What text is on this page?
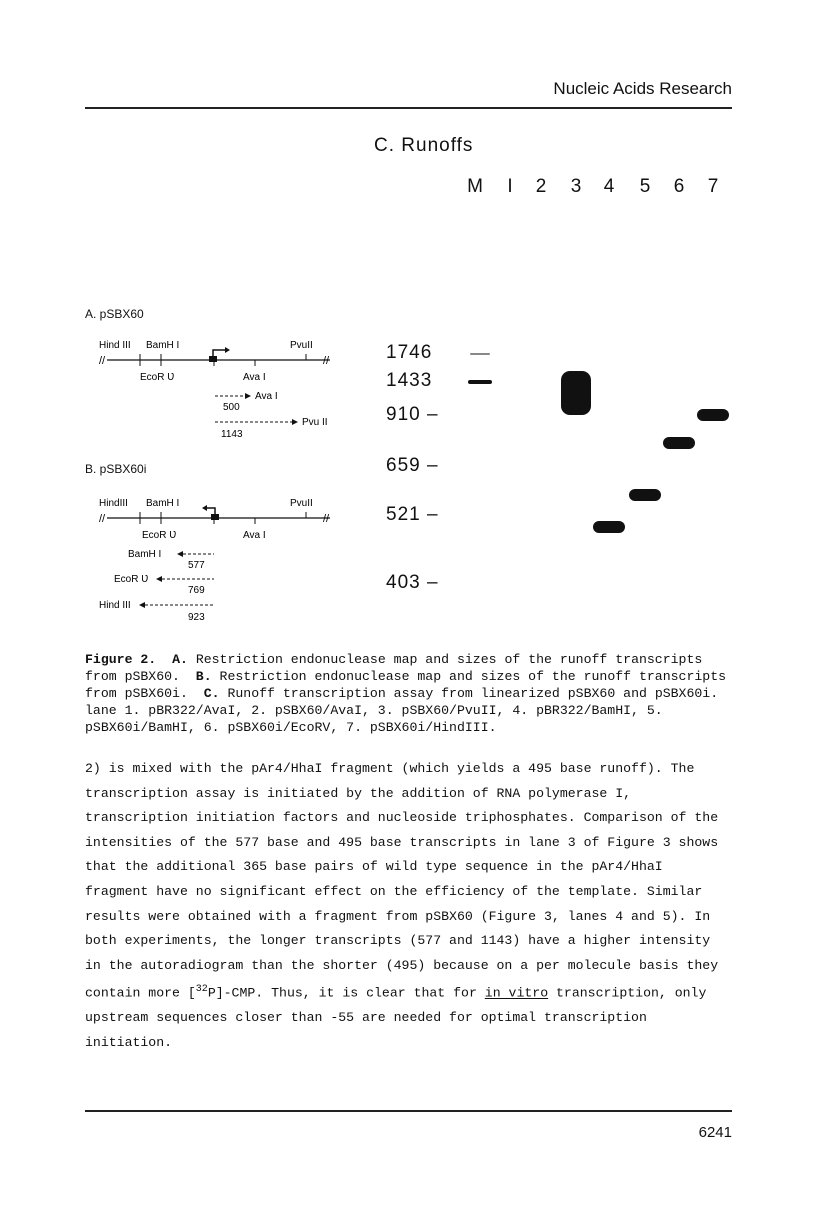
Nucleic Acids Research
C. Runoffs
M	I	2	3	4	5	6	7
1746
1433
910 –
659 –
521 –
403 –
A. pSBX60
//	//
Hind III BamH I	PvuII
EcoR Ʋ	Ava I
Ava I
500
Pvu II
1143
B. pSBX60i
//	//
HindIII BamH I	PvuII
EcoR Ʋ	Ava I
BamH I
577
EcoR Ʋ
769
Hind III
923
Figure 2. A. Restriction endonuclease map and sizes of the runoff transcripts from pSBX60. B. Restriction endonuclease map and sizes of the runoff transcripts from pSBX60i. C. Runoff transcription assay from linearized pSBX60 and pSBX60i. lane 1. pBR322/AvaI, 2. pSBX60/AvaI, 3. pSBX60/PvuII, 4. pBR322/BamHI, 5. pSBX60i/BamHI, 6. pSBX60i/EcoRV, 7. pSBX60i/HindIII.

2) is mixed with the pAr4/HhaI fragment (which yields a 495 base runoff). The transcription assay is initiated by the addition of RNA polymerase I, transcription initiation factors and nucleoside triphosphates. Comparison of the intensities of the 577 base and 495 base transcripts in lane 3 of Figure 3 shows that the additional 365 base pairs of wild type sequence in the pAr4/HhaI fragment have no significant effect on the efficiency of the template. Similar results were obtained with a fragment from pSBX60 (Figure 3, lanes 4 and 5). In both experiments, the longer transcripts (577 and 1143) have a higher intensity in the autoradiogram than the shorter (495) because on a per molecule basis they contain more [$^{32}$P]-CMP. Thus, it is clear that for in vitro transcription, only upstream sequences closer than -55 are needed for optimal transcription initiation.

6241
